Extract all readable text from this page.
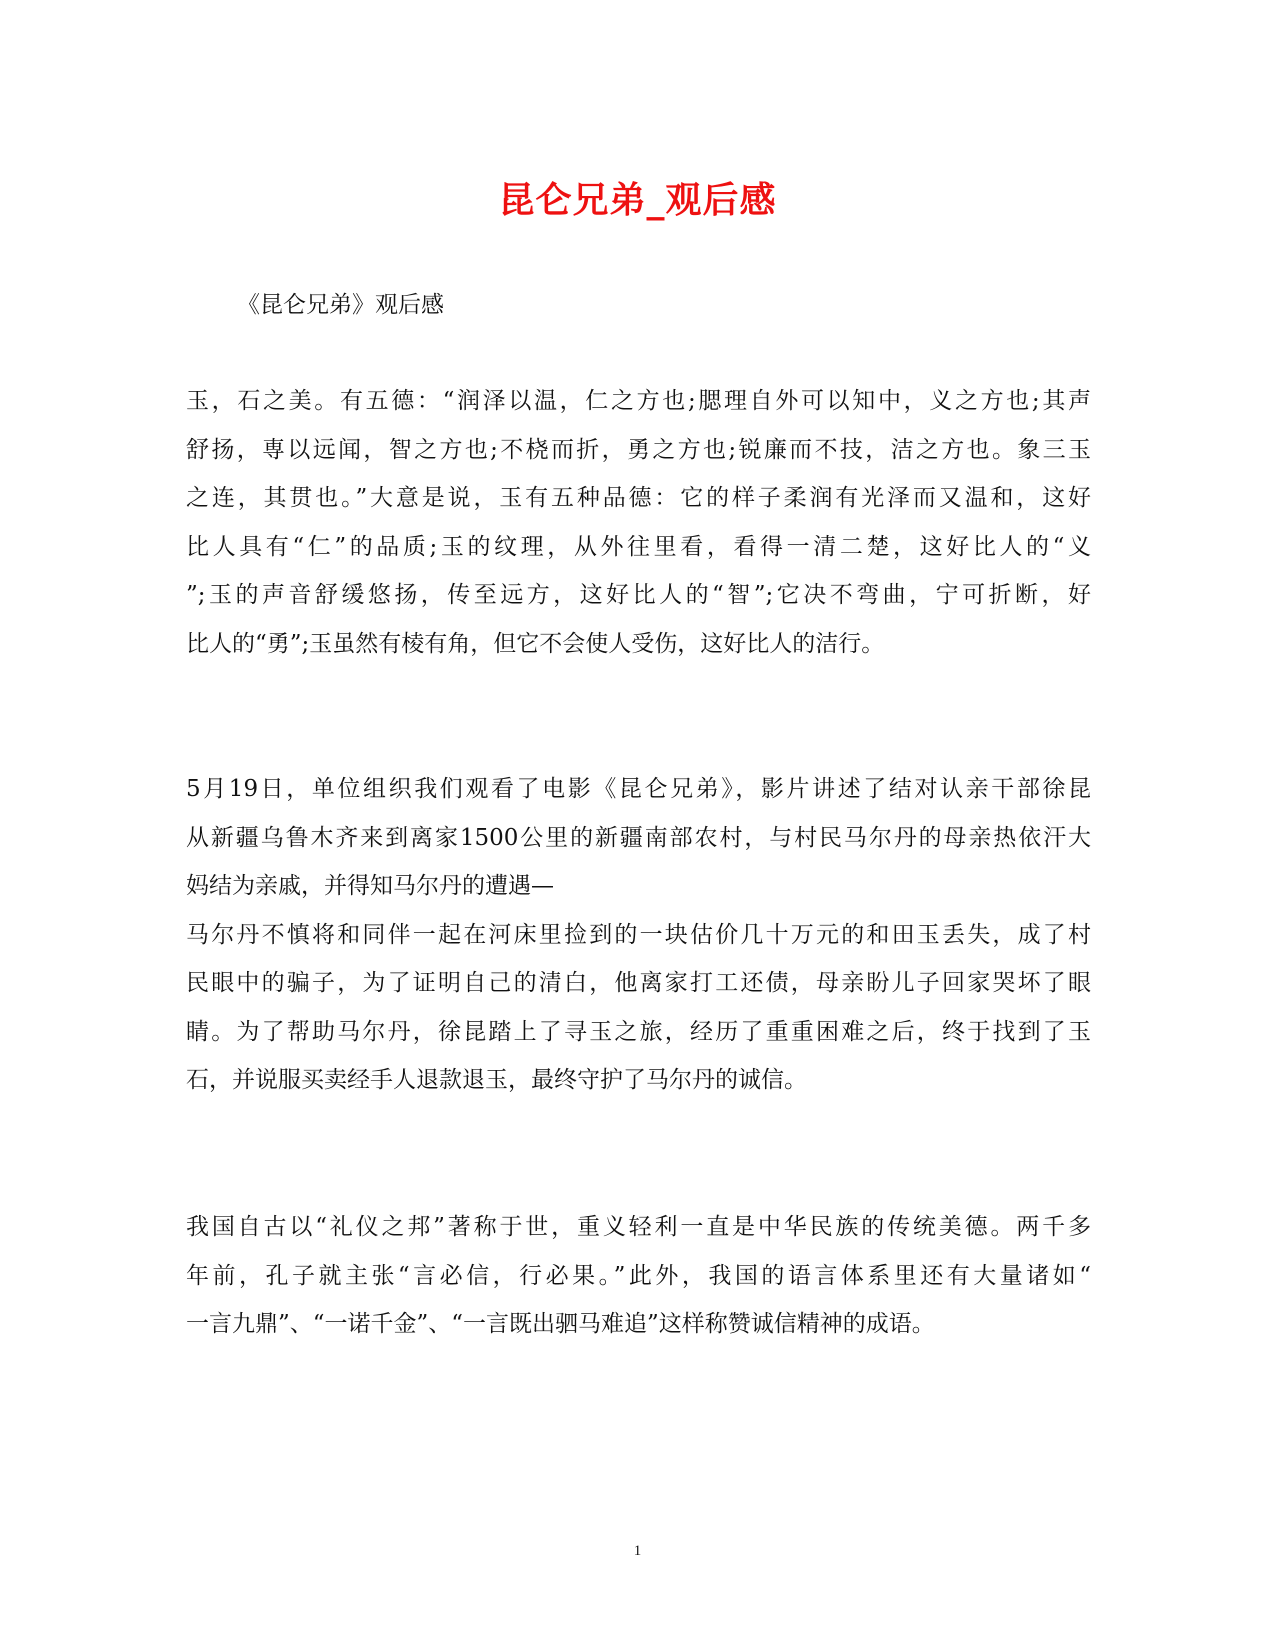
昆仑兄弟_观后感
《昆仑兄弟》观后感
玉，石之美。有五德：“润泽以温，仁之方也;腮理自外可以知中，义之方也;其声
舒扬，専以远闻，智之方也;不桡而折，勇之方也;锐廉而不技，洁之方也。象三玉
之连，其贯也。”大意是说，玉有五种品德：它的样子柔润有光泽而又温和，这好
比人具有“仁”的品质;玉的纹理，从外往里看，看得一清二楚，这好比人的“义
”;玉的声音舒缓悠扬，传至远方，这好比人的“智”;它决不弯曲，宁可折断，好
比人的“勇”;玉虽然有棱有角，但它不会使人受伤，这好比人的洁行。
5月19日，单位组织我们观看了电影《昆仑兄弟》，影片讲述了结对认亲干部徐昆
从新疆乌鲁木齐来到离家1500公里的新疆南部农村，与村民马尔丹的母亲热依汗大
妈结为亲戚，并得知马尔丹的遭遇—
马尔丹不慎将和同伴一起在河床里捡到的一块估价几十万元的和田玉丢失，成了村
民眼中的骗子，为了证明自己的清白，他离家打工还债，母亲盼儿子回家哭坏了眼
睛。为了帮助马尔丹，徐昆踏上了寻玉之旅，经历了重重困难之后，终于找到了玉
石，并说服买卖经手人退款退玉，最终守护了马尔丹的诚信。
我国自古以“礼仪之邦”著称于世，重义轻利一直是中华民族的传统美德。两千多
年前，孔子就主张“言必信，行必果。”此外，我国的语言体系里还有大量诸如“
一言九鼎”、“一诺千金”、“一言既出驷马难追”这样称赞诚信精神的成语。
1
